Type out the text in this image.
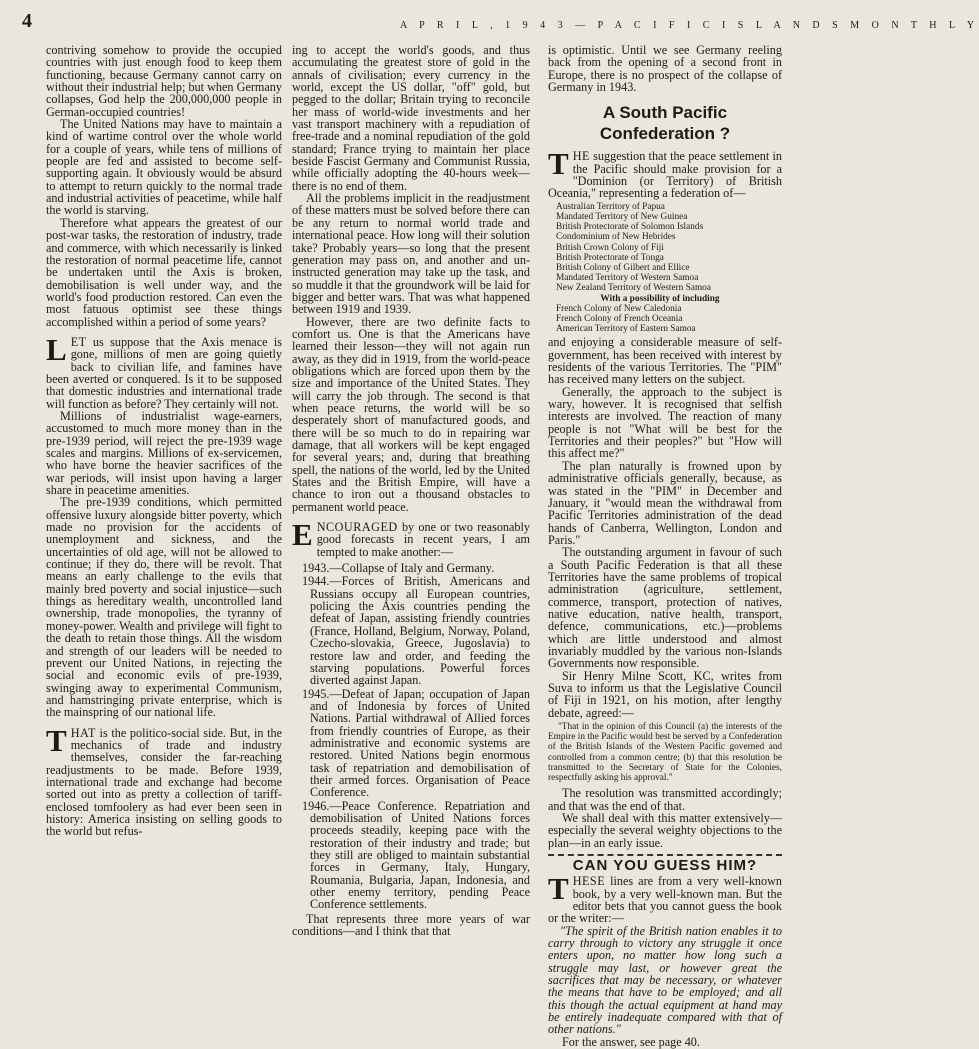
4	A P R I L , 1 9 4 3 — P A C I F I C I S L A N D S M O N T H L Y

contriving somehow to provide the occupied countries with just enough food to keep them functioning, because Germany cannot carry on without their industrial help; but when Germany collapses, God help the 200,000,000 people in German-occupied countries!

The United Nations may have to maintain a kind of wartime control over the whole world for a couple of years, while tens of millions of people are fed and assisted to become self-supporting again. It obviously would be absurd to attempt to return quickly to the normal trade and industrial activities of peacetime, while half the world is starving.

Therefore what appears the greatest of our post-war tasks, the restoration of industry, trade and commerce, with which necessarily is linked the restoration of normal peacetime life, cannot be undertaken until the Axis is broken, demobilisation is well under way, and the world's food production restored. Can even the most fatuous optimist see these things accomplished within a period of some years?

LET us suppose that the Axis menace is gone, millions of men are going quietly back to civilian life, and famines have been averted or conquered. Is it to be supposed that domestic industries and international trade will function as before? They certainly will not.

Millions of industrialist wage-earners, accustomed to much more money than in the pre-1939 period, will reject the pre-1939 wage scales and margins. Millions of ex-servicemen, who have borne the heavier sacrifices of the war periods, will insist upon having a larger share in peacetime amenities.

The pre-1939 conditions, which permitted offensive luxury alongside bitter poverty, which made no provision for the accidents of unemployment and sickness, and the uncertainties of old age, will not be allowed to continue; if they do, there will be revolt. That means an early challenge to the evils that mainly bred poverty and social injustice—such things as hereditary wealth, uncontrolled land ownership, trade monopolies, the tyranny of money-power. Wealth and privilege will fight to the death to retain those things. All the wisdom and strength of our leaders will be needed to prevent our United Nations, in rejecting the social and economic evils of pre-1939, swinging away to experimental Communism, and hamstringing private enterprise, which is the mainspring of our national life.

THAT is the politico-social side. But, in the mechanics of trade and industry themselves, consider the far-reaching readjustments to be made. Before 1939, international trade and exchange had become sorted out into as pretty a collection of tariff-enclosed tomfoolery as had ever been seen in history: America insisting on selling goods to the world but refus-

ing to accept the world's goods, and thus accumulating the greatest store of gold in the annals of civilisation; every currency in the world, except the US dollar, "off" gold, but pegged to the dollar; Britain trying to reconcile her mass of world-wide investments and her vast transport machinery with a repudiation of free-trade and a nominal repudiation of the gold standard; France trying to maintain her place beside Fascist Germany and Communist Russia, while officially adopting the 40-hours week—there is no end of them.

All the problems implicit in the readjustment of these matters must be solved before there can be any return to normal world trade and international peace. How long will their solution take? Probably years—so long that the present generation may pass on, and another and un-instructed generation may take up the task, and so muddle it that the groundwork will be laid for bigger and better wars. That was what happened between 1919 and 1939.

However, there are two definite facts to comfort us. One is that the Americans have learned their lesson—they will not again run away, as they did in 1919, from the world-peace obligations which are forced upon them by the size and importance of the United States. They will carry the job through. The second is that when peace returns, the world will be so desperately short of manufactured goods, and there will be so much to do in repairing war damage, that all workers will be kept engaged for several years; and, during that breathing spell, the nations of the world, led by the United States and the British Empire, will have a chance to iron out a thousand obstacles to permanent world peace.

ENCOURAGED by one or two reasonably good forecasts in recent years, I am tempted to make another:—

1943.—Collapse of Italy and Germany.

1944.—Forces of British, Americans and Russians occupy all European countries, policing the Axis countries pending the defeat of Japan, assisting friendly countries (France, Holland, Belgium, Norway, Poland, Czecho-slovakia, Greece, Jugoslavia) to restore law and order, and feeding the starving populations. Powerful forces diverted against Japan.

1945.—Defeat of Japan; occupation of Japan and of Indonesia by forces of United Nations. Partial withdrawal of Allied forces from friendly countries of Europe, as their administrative and economic systems are restored. United Nations begin enormous task of repatriation and demobilisation of their armed forces. Organisation of Peace Conference.

1946.—Peace Conference. Repatriation and demobilisation of United Nations forces proceeds steadily, keeping pace with the restoration of their industry and trade; but they still are obliged to maintain substantial forces in Germany, Italy, Hungary, Roumania, Bulgaria, Japan, Indonesia, and other enemy territory, pending Peace Conference settlements.

That represents three more years of war conditions—and I think that that

is optimistic. Until we see Germany reeling back from the opening of a second front in Europe, there is no prospect of the collapse of Germany in 1943.

A South Pacific Confederation ?

THE suggestion that the peace settlement in the Pacific should make provision for a "Dominion (or Territory) of British Oceania," representing a federation of—

Australian Territory of Papua
Mandated Territory of New Guinea
British Protectorate of Solomon Islands
Condominium of New Hebrides
British Crown Colony of Fiji
British Protectorate of Tonga
British Colony of Gilbert and Ellice
Mandated Territory of Western Samoa
New Zealand Territory of Western Samoa
With a possibility of including
French Colony of New Caledonia
French Colony of French Oceania
American Territory of Eastern Samoa

and enjoying a considerable measure of self-government, has been received with interest by residents of the various Territories. The "PIM" has received many letters on the subject.

Generally, the approach to the subject is wary, however. It is recognised that selfish interests are involved. The reaction of many people is not "What will be best for the Territories and their peoples?" but "How will this affect me?"

The plan naturally is frowned upon by administrative officials generally, because, as was stated in the "PIM" in December and January, it "would mean the withdrawal from Pacific Territories administration of the dead hands of Canberra, Wellington, London and Paris."

The outstanding argument in favour of such a South Pacific Federation is that all these Territories have the same problems of tropical administration (agriculture, settlement, commerce, transport, protection of natives, native education, native health, transport, defence, communications, etc.)—problems which are little understood and almost invariably muddled by the various non-Islands Governments now responsible.

Sir Henry Milne Scott, KC, writes from Suva to inform us that the Legislative Council of Fiji in 1921, on his motion, after lengthy debate, agreed:—

"That in the opinion of this Council (a) the interests of the Empire in the Pacific would best be served by a Confederation of the British Islands of the Western Pacific governed and controlled from a common centre; (b) that this resolution be transmitted to the Secretary of State for the Colonies, respectfully asking his approval."

The resolution was transmitted accordingly; and that was the end of that.

We shall deal with this matter extensively—especially the several weighty objections to the plan—in an early issue.

CAN YOU GUESS HIM?

THESE lines are from a very well-known book, by a very well-known man. But the editor bets that you cannot guess the book or the writer:—

"The spirit of the British nation enables it to carry through to victory any struggle it once enters upon, no matter how long such a struggle may last, or however great the sacrifices that may be necessary, or whatever the means that have to be employed; and all this though the actual equipment at hand may be entirely inadequate compared with that of other nations."

For the answer, see page 40.
